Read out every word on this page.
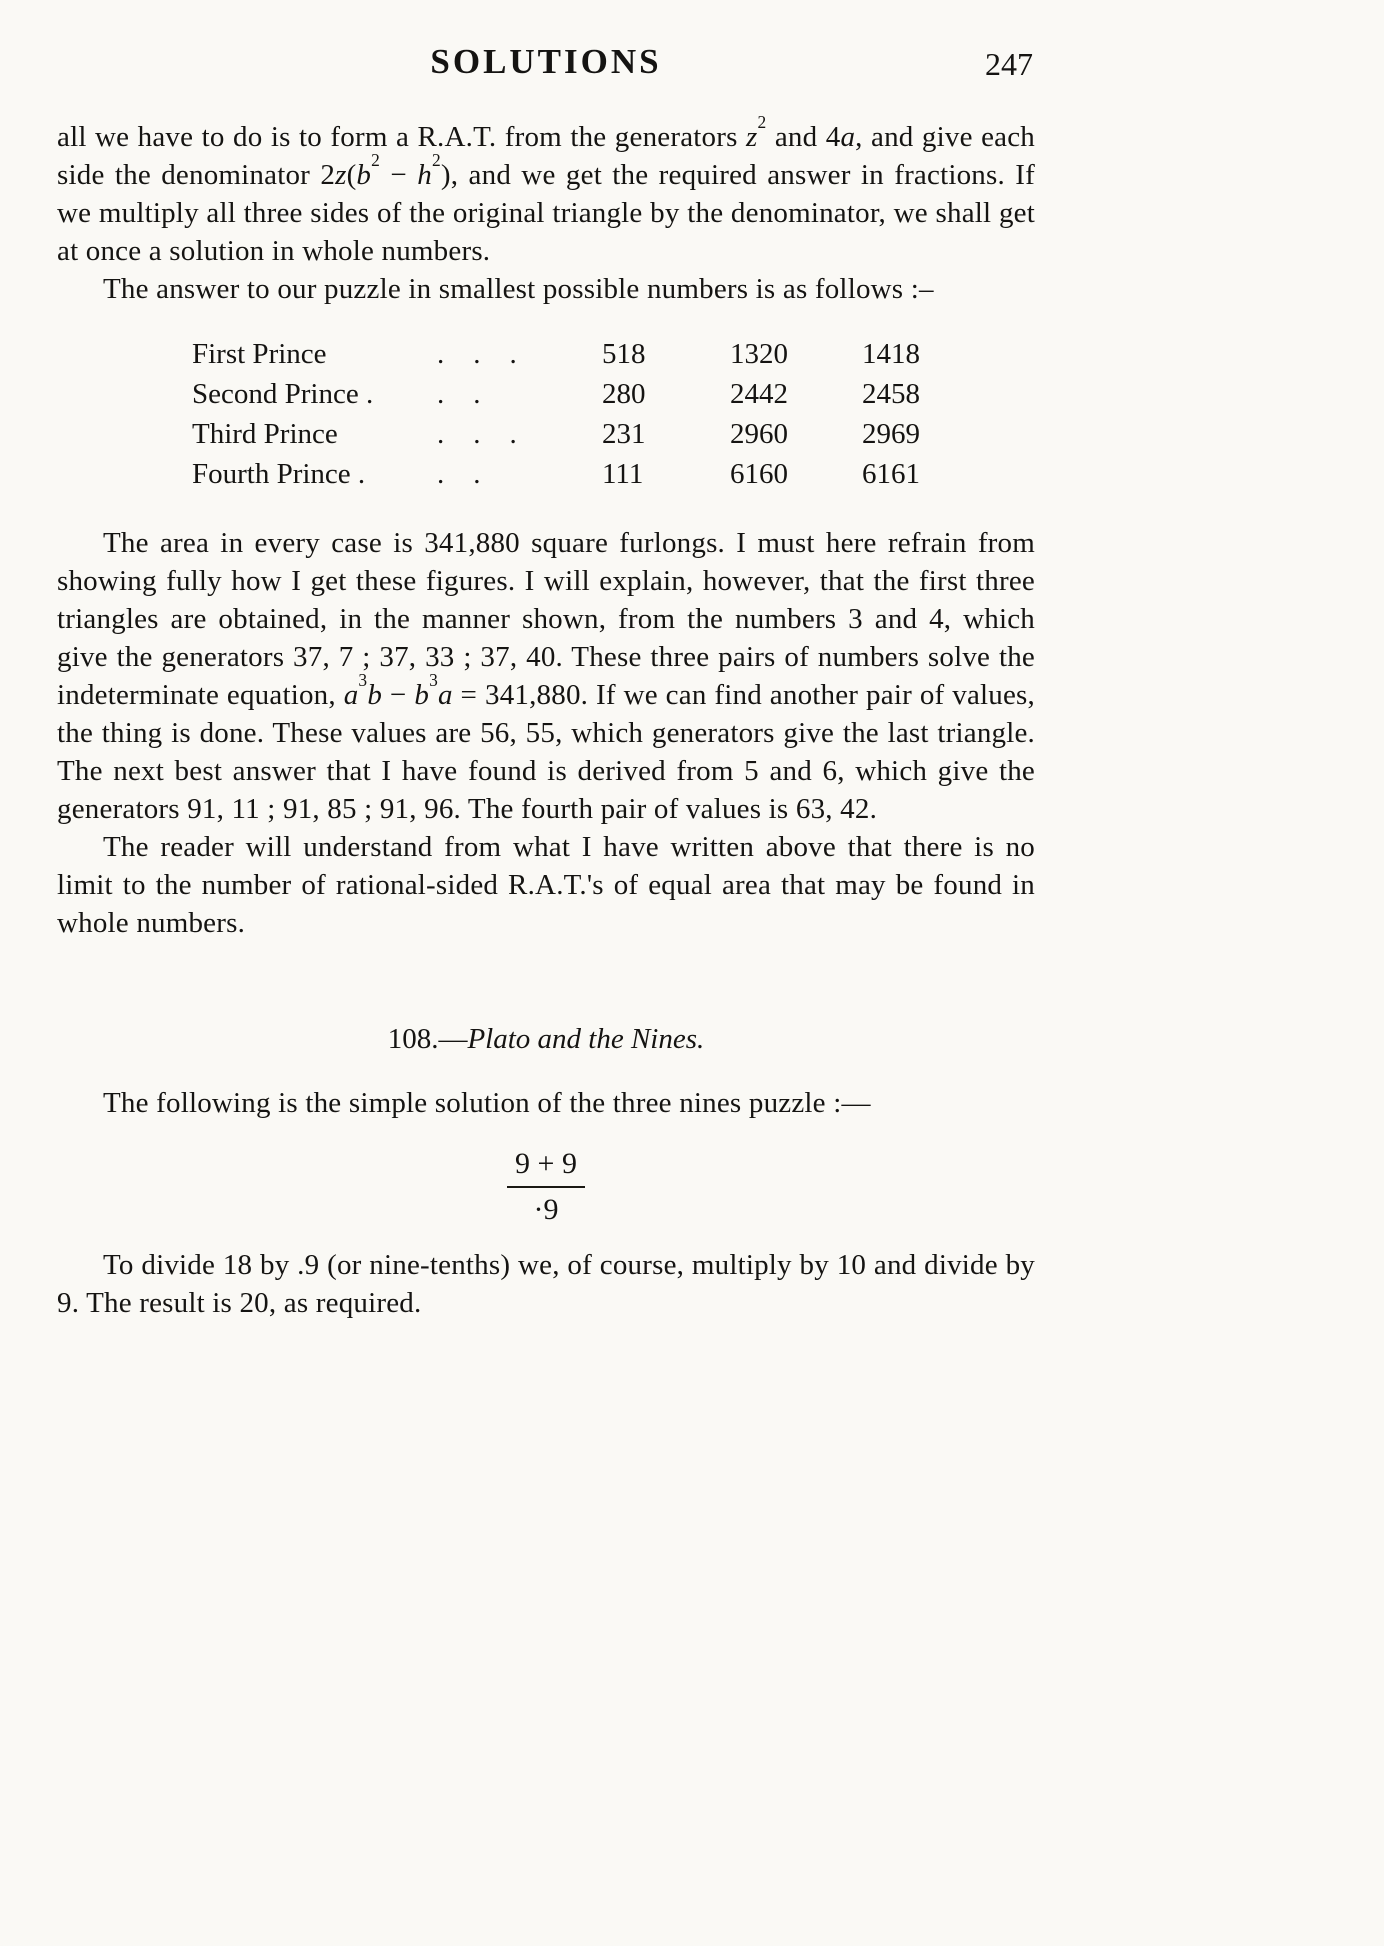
SOLUTIONS	247

all we have to do is to form a R.A.T. from the generators $z^2$ and 4a, and give each side the denominator $2z(b^2 - h^2)$, and we get the required answer in fractions. If we multiply all three sides of the original triangle by the denominator, we shall get at once a solution in whole numbers.

The answer to our puzzle in smallest possible numbers is as follows :–

First Prince	. . .	518	1320	1418
Second Prince .	. .	280	2442	2458
Third Prince	. . .	231	2960	2969
Fourth Prince .	. .	111	6160	6161

The area in every case is 341,880 square furlongs. I must here refrain from showing fully how I get these figures. I will explain, however, that the first three triangles are obtained, in the manner shown, from the numbers 3 and 4, which give the generators 37, 7 ; 37, 33 ; 37, 40. These three pairs of numbers solve the indeterminate equation, $a^3b - b^3a = 341,880$. If we can find another pair of values, the thing is done. These values are 56, 55, which generators give the last triangle. The next best answer that I have found is derived from 5 and 6, which give the generators 91, 11 ; 91, 85 ; 91, 96. The fourth pair of values is 63, 42.

The reader will understand from what I have written above that there is no limit to the number of rational-sided R.A.T.'s of equal area that may be found in whole numbers.

108.—Plato and the Nines.

The following is the simple solution of the three nines puzzle :—

$\frac{9 + 9}{\cdot 9}$

To divide 18 by .9 (or nine-tenths) we, of course, multiply by 10 and divide by 9. The result is 20, as required.
